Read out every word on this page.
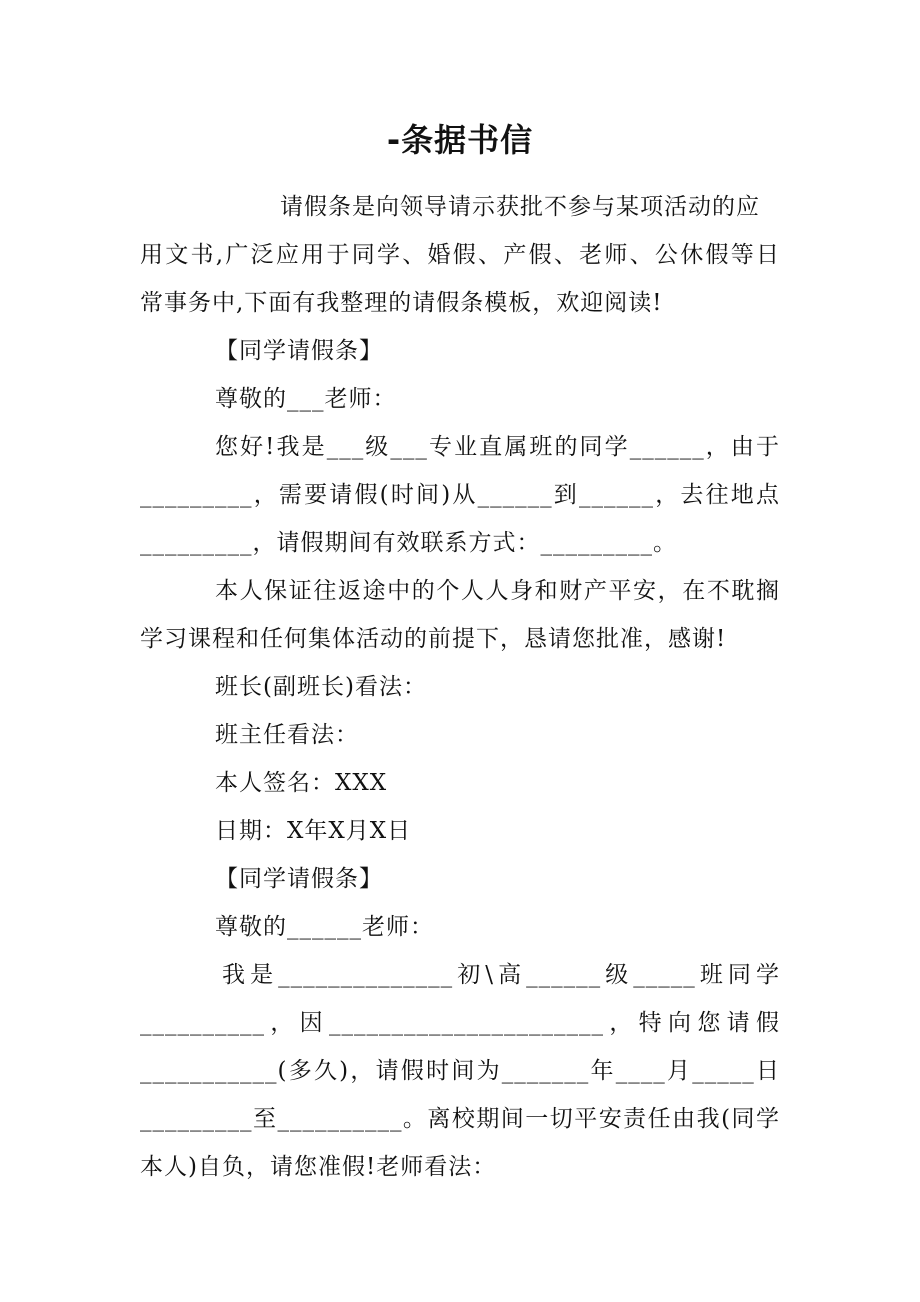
-条据书信
请假条是向领导请示获批不参与某项活动的应
用文书,广泛应用于同学、婚假、产假、老师、公休假等日
常事务中,下面有我整理的请假条模板，欢迎阅读!
【同学请假条】
尊敬的___老师：
您好!我是___级___专业直属班的同学______，由于
_________，需要请假(时间)从______到______，去往地点
_________，请假期间有效联系方式：_________。
本人保证往返途中的个人人身和财产平安，在不耽搁
学习课程和任何集体活动的前提下，恳请您批准，感谢!
班长(副班长)看法：
班主任看法：
本人签名：XXX
日期：X年X月X日
【同学请假条】
尊敬的______老师：
我是______________初\高______级_____班同学
__________，因______________________，特向您请假
___________(多久)，请假时间为_______年____月_____日
_________至__________。离校期间一切平安责任由我(同学
本人)自负，请您准假!老师看法：
